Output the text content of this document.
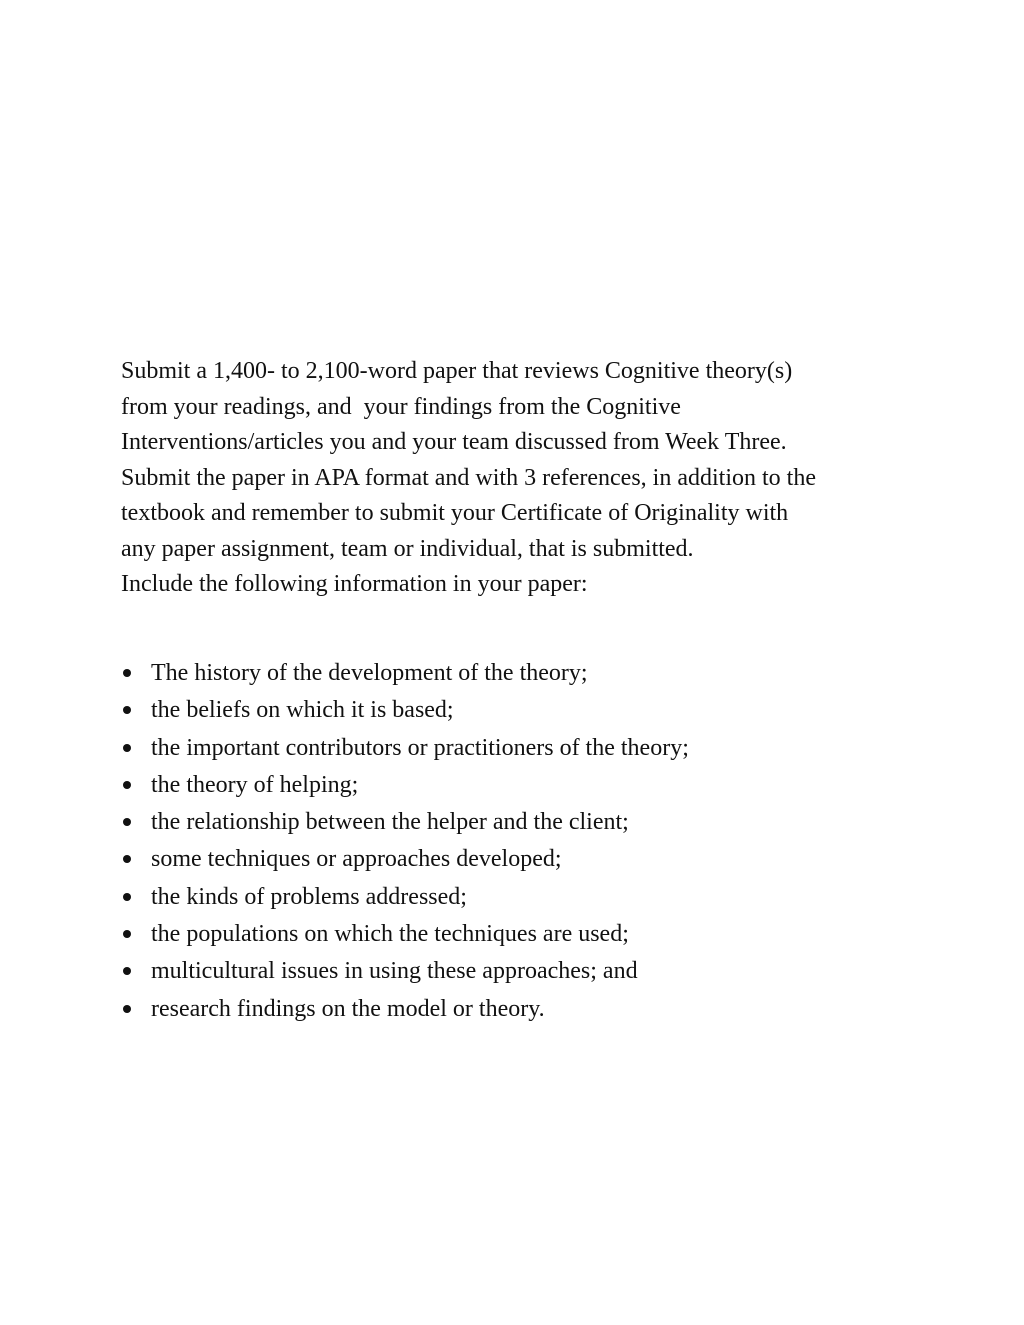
Submit a 1,400- to 2,100-word paper that reviews Cognitive theory(s)
from your readings, and  your findings from the Cognitive
Interventions/articles you and your team discussed from Week Three.
Submit the paper in APA format and with 3 references, in addition to the
textbook and remember to submit your Certificate of Originality with
any paper assignment, team or individual, that is submitted.
Include the following information in your paper:
The history of the development of the theory;
the beliefs on which it is based;
the important contributors or practitioners of the theory;
the theory of helping;
the relationship between the helper and the client;
some techniques or approaches developed;
the kinds of problems addressed;
the populations on which the techniques are used;
multicultural issues in using these approaches; and
research findings on the model or theory.
